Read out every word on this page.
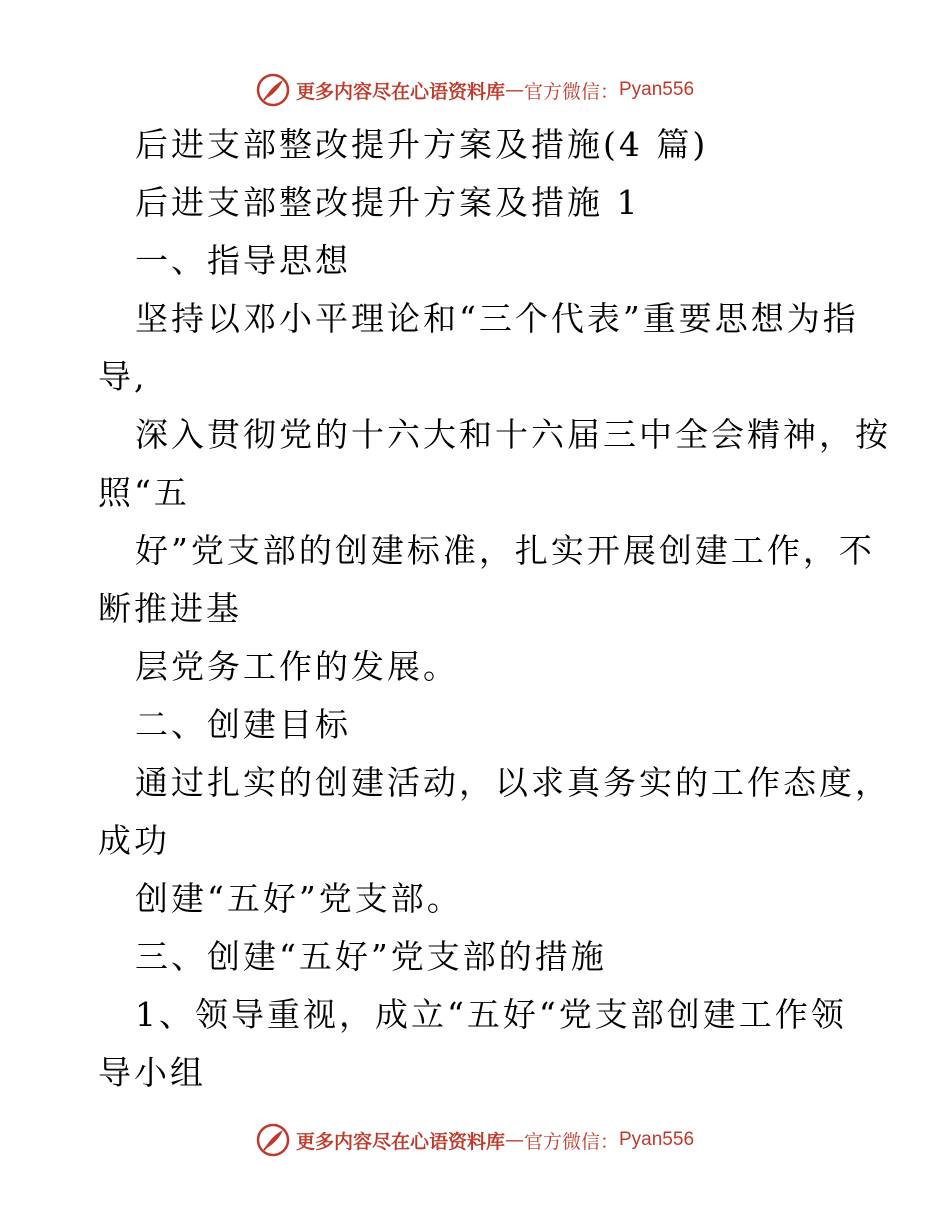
更多内容尽在心语资料库 — 官方微信： Pyan556
后进支部整改提升方案及措施(4 篇)
后进支部整改提升方案及措施 1
一、指导思想
坚持以邓小平理论和“三个代表”重要思想为指
导,
深入贯彻党的十六大和十六届三中全会精神，按
照“五
好”党支部的创建标准，扎实开展创建工作，不
断推进基
层党务工作的发展。
二、创建目标
通过扎实的创建活动，以求真务实的工作态度，
成功
创建“五好”党支部。
三、创建“五好”党支部的措施
1、领导重视，成立“五好“党支部创建工作领
导小组
更多内容尽在心语资料库 — 官方微信： Pyan556
